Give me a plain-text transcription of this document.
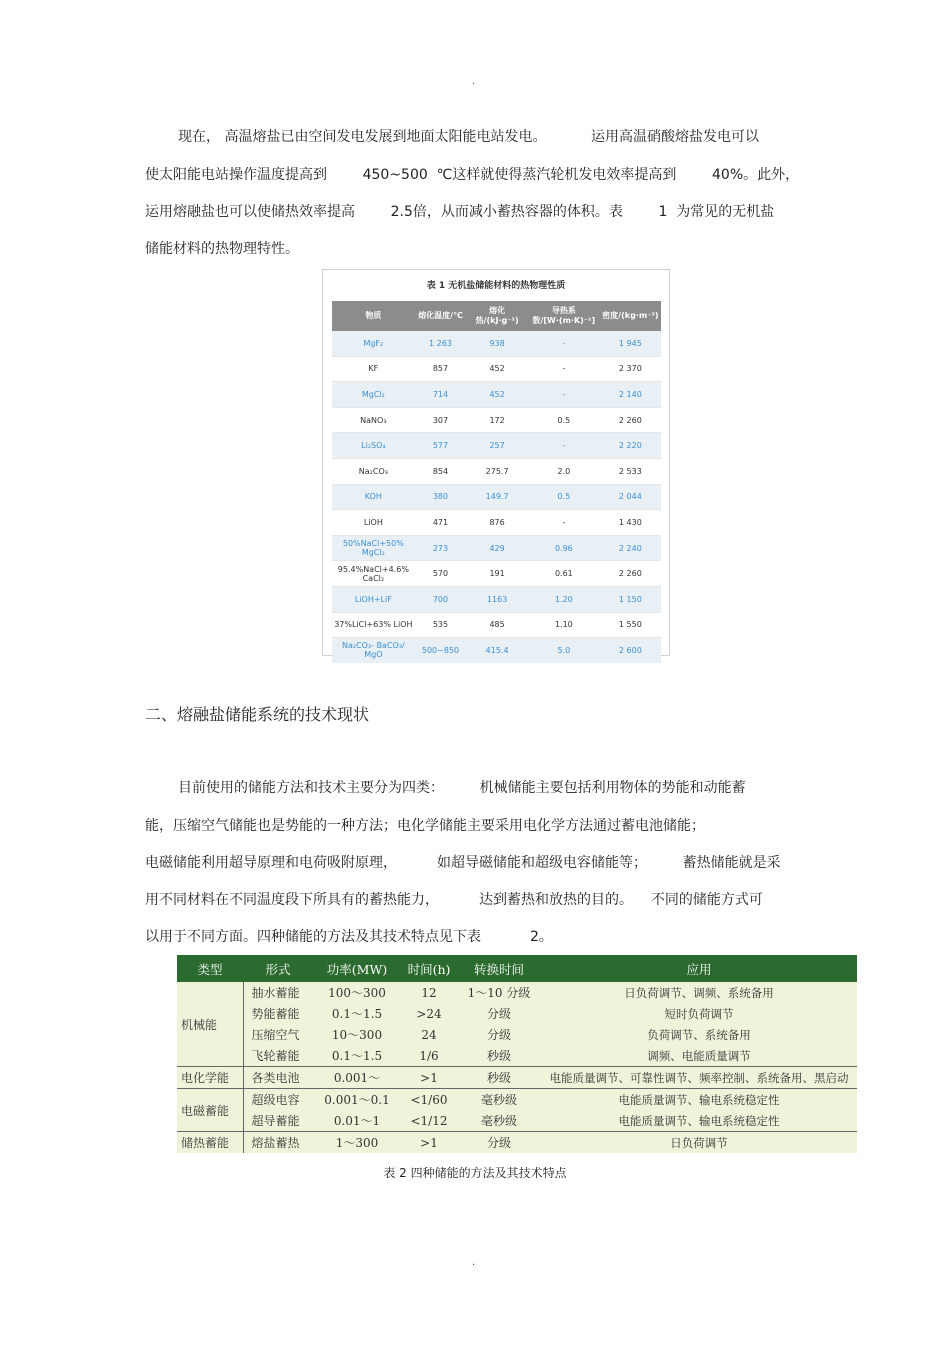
.
现在， 高温熔盐已由空间发电发展到地面太阳能电站发电。          运用高温硝酸熔盐发电可以
使太阳能电站操作温度提高到        450~500  ℃这样就使得蒸汽轮机发电效率提高到        40%。此外，
运用熔融盐也可以使储热效率提高        2.5倍，从而减小蓄热容器的体积。表        1  为常见的无机盐
储能材料的热物理特性。
表 1 无机盐储能材料的热物理性质
物质	熔化温度/℃	熔化热/(kJ·g⁻¹)	导热系数/[W·(m·K)⁻¹]	密度/(kg·m⁻³)
MgF₂	1 263	938	-	1 945
KF	857	452	-	2 370
MgCl₂	714	452	-	2 140
NaNO₃	307	172	0.5	2 260
Li₂SO₄	577	257	-	2 220
Na₂CO₃	854	275.7	2.0	2 533
KOH	380	149.7	0.5	2 044
LiOH	471	876	-	1 430
50%NaCl+50% MgCl₂	273	429	0.96	2 240
95.4%NaCl+4.6% CaCl₂	570	191	0.61	2 260
LiOH+LiF	700	1163	1.20	1 150
37%LiCl+63% LiOH	535	485	1.10	1 550
Na₂CO₃- BaCO₃/ MgO	500~850	415.4	5.0	2 600
二、熔融盐储能系统的技术现状
目前使用的储能方法和技术主要分为四类：        机械储能主要包括利用物体的势能和动能蓄
能，压缩空气储能也是势能的一种方法；电化学储能主要采用电化学方法通过蓄电池储能；
电磁储能利用超导原理和电荷吸附原理，         如超导磁储能和超级电容储能等；        蓄热储能就是采
用不同材料在不同温度段下所具有的蓄热能力，         达到蓄热和放热的目的。    不同的储能方式可
以用于不同方面。四种储能的方法及其技术特点见下表           2。
类型	形式	功率(MW)	时间(h)	转换时间	应用
机械能	抽水蓄能	100～300	12	1～10 分级	日负荷调节、调频、系统备用
	势能蓄能	0.1～1.5	>24	分级	短时负荷调节
	压缩空气	10～300	24	分级	负荷调节、系统备用
	飞轮蓄能	0.1～1.5	1/6	秒级	调频、电能质量调节
电化学能	各类电池	0.001～	>1	秒级	电能质量调节、可靠性调节、频率控制、系统备用、黑启动
电磁蓄能	超级电容	0.001～0.1	<1/60	毫秒级	电能质量调节、输电系统稳定性
	超导蓄能	0.01～1	<1/12	毫秒级	电能质量调节、输电系统稳定性
储热蓄能	熔盐蓄热	1～300	>1	分级	日负荷调节
表 2 四种储能的方法及其技术特点
.
